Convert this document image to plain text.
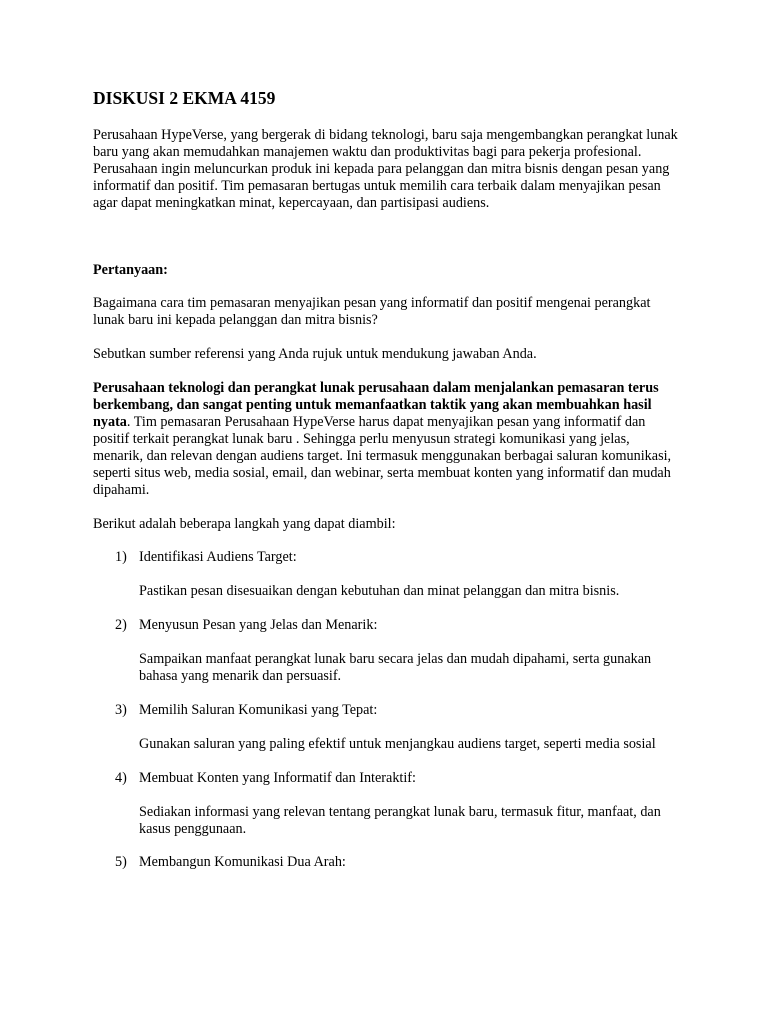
DISKUSI 2 EKMA 4159

Perusahaan HypeVerse, yang bergerak di bidang teknologi, baru saja mengembangkan perangkat lunak baru yang akan memudahkan manajemen waktu dan produktivitas bagi para pekerja profesional. Perusahaan ingin meluncurkan produk ini kepada para pelanggan dan mitra bisnis dengan pesan yang informatif dan positif. Tim pemasaran bertugas untuk memilih cara terbaik dalam menyajikan pesan agar dapat meningkatkan minat, kepercayaan, dan partisipasi audiens.

Pertanyaan:

Bagaimana cara tim pemasaran menyajikan pesan yang informatif dan positif mengenai perangkat lunak baru ini kepada pelanggan dan mitra bisnis?

Sebutkan sumber referensi yang Anda rujuk untuk mendukung jawaban Anda.

Perusahaan teknologi dan perangkat lunak perusahaan dalam menjalankan pemasaran terus berkembang, dan sangat penting untuk memanfaatkan taktik yang akan membuahkan hasil nyata. Tim pemasaran Perusahaan HypeVerse harus dapat menyajikan pesan yang informatif dan positif terkait perangkat lunak baru . Sehingga perlu menyusun strategi komunikasi yang jelas, menarik, dan relevan dengan audiens target. Ini termasuk menggunakan berbagai saluran komunikasi, seperti situs web, media sosial, email, dan webinar, serta membuat konten yang informatif dan mudah dipahami.

Berikut adalah beberapa langkah yang dapat diambil:

1) Identifikasi Audiens Target:

Pastikan pesan disesuaikan dengan kebutuhan dan minat pelanggan dan mitra bisnis.

2) Menyusun Pesan yang Jelas dan Menarik:

Sampaikan manfaat perangkat lunak baru secara jelas dan mudah dipahami, serta gunakan bahasa yang menarik dan persuasif.

3) Memilih Saluran Komunikasi yang Tepat:

Gunakan saluran yang paling efektif untuk menjangkau audiens target, seperti media sosial

4) Membuat Konten yang Informatif dan Interaktif:

Sediakan informasi yang relevan tentang perangkat lunak baru, termasuk fitur, manfaat, dan kasus penggunaan.

5) Membangun Komunikasi Dua Arah:
